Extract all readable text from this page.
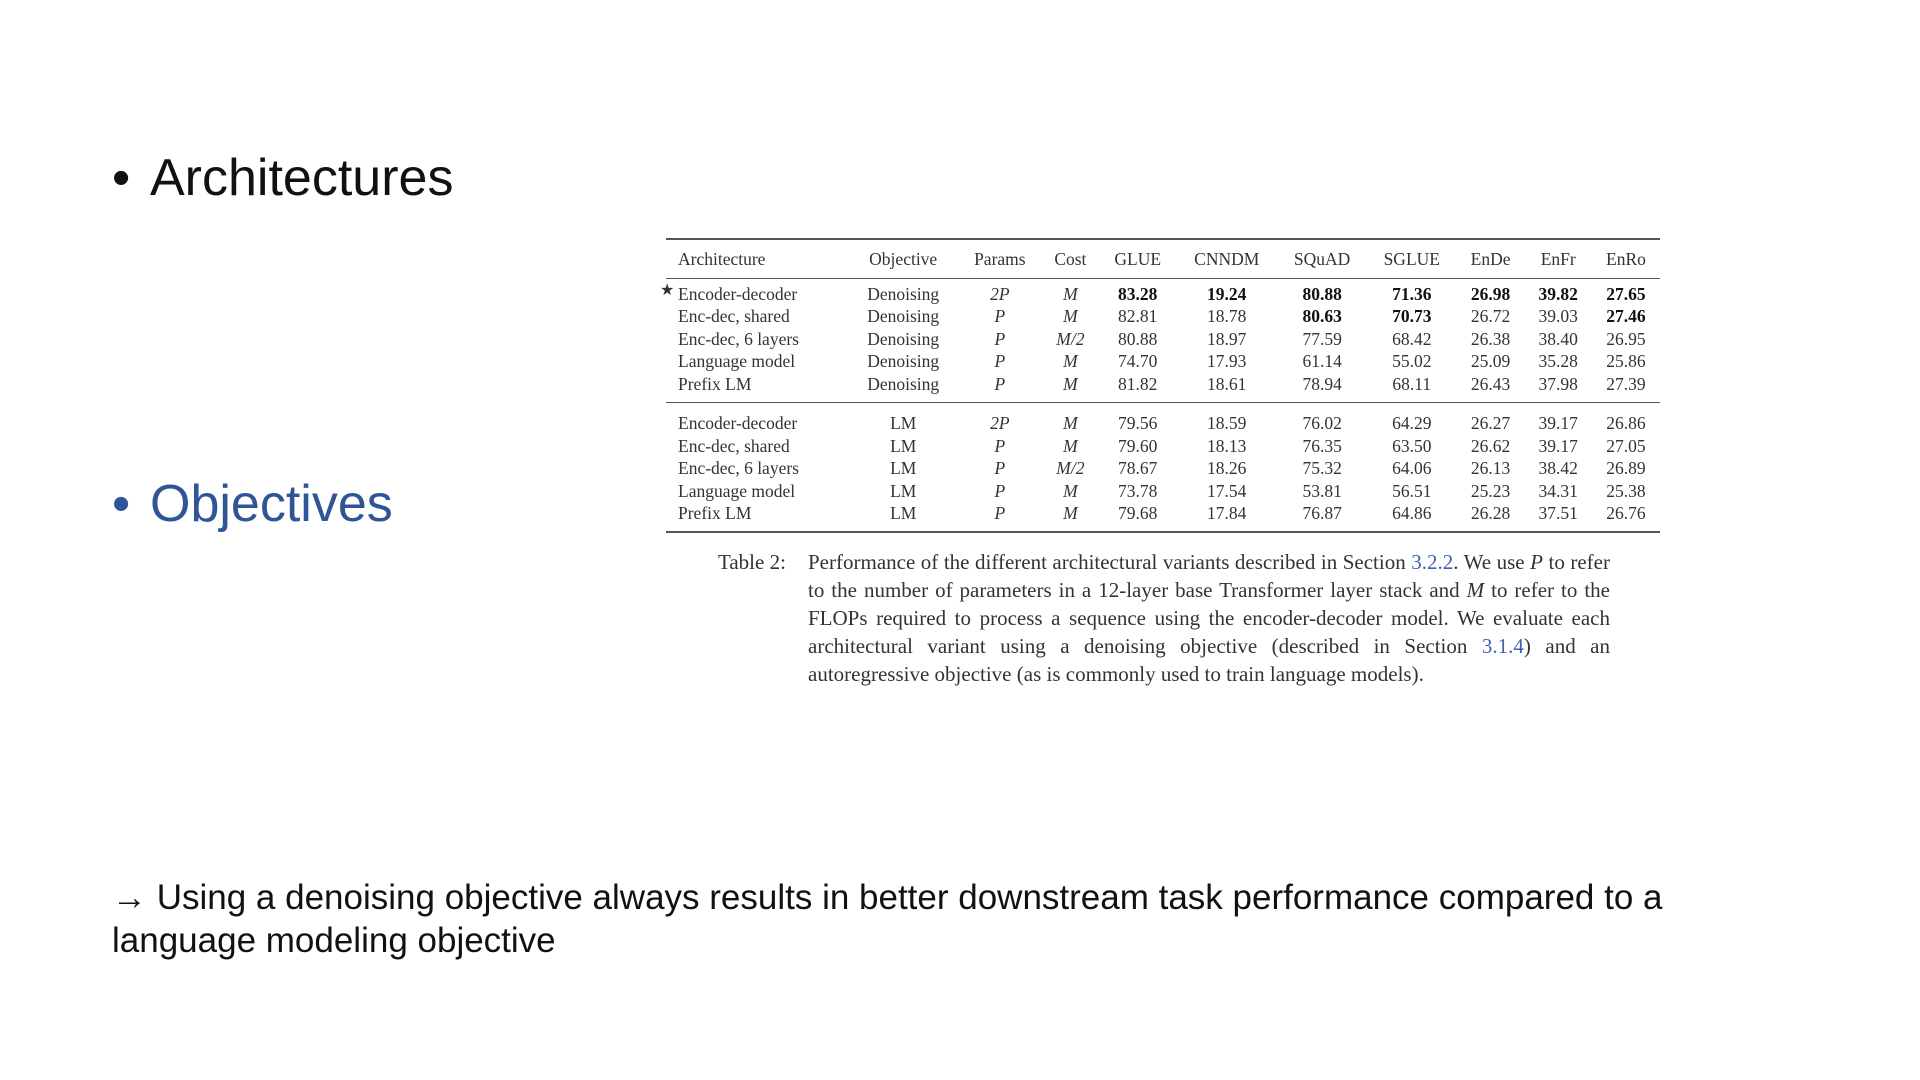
• Architectures
• Objectives
Architecture	Objective	Params	Cost	GLUE	CNNDM	SQuAD	SGLUE	EnDe	EnFr	EnRo

★ Encoder-decoder	Denoising	2P	M	83.28	19.24	80.88	71.36	26.98	39.82	27.65
Enc-dec, shared	Denoising	P	M	82.81	18.78	80.63	70.73	26.72	39.03	27.46
Enc-dec, 6 layers	Denoising	P	M/2	80.88	18.97	77.59	68.42	26.38	38.40	26.95
Language model	Denoising	P	M	74.70	17.93	61.14	55.02	25.09	35.28	25.86
Prefix LM	Denoising	P	M	81.82	18.61	78.94	68.11	26.43	37.98	27.39
Encoder-decoder	LM	2P	M	79.56	18.59	76.02	64.29	26.27	39.17	26.86
Enc-dec, shared	LM	P	M	79.60	18.13	76.35	63.50	26.62	39.17	27.05
Enc-dec, 6 layers	LM	P	M/2	78.67	18.26	75.32	64.06	26.13	38.42	26.89
Language model	LM	P	M	73.78	17.54	53.81	56.51	25.23	34.31	25.38
Prefix LM	LM	P	M	79.68	17.84	76.87	64.86	26.28	37.51	26.76
Table 2: Performance of the different architectural variants described in Section 3.2.2. We use P to refer to the number of parameters in a 12-layer base Transformer layer stack and M to refer to the FLOPs required to process a sequence using the encoder-decoder model. We evaluate each architectural variant using a denoising objective (described in Section 3.1.4) and an autoregressive objective (as is commonly used to train language models).
→ Using a denoising objective always results in better downstream task performance compared to a language modeling objective
